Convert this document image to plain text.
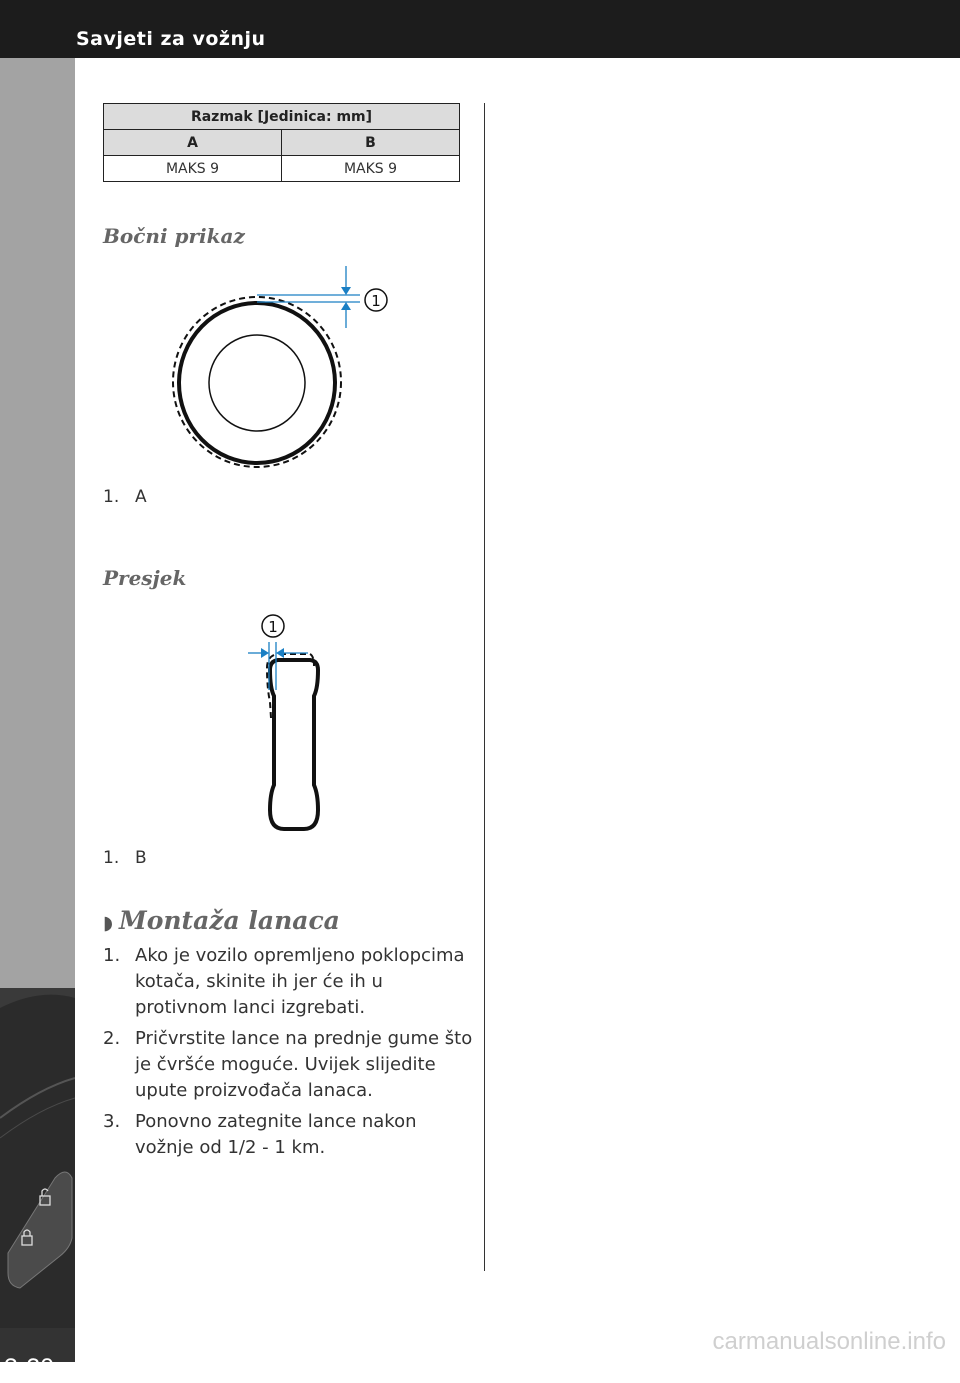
Savjeti za vožnju
3-20
Razmak [Jedinica: mm]	
A	B
MAKS 9	MAKS 9
Bočni prikaz
1
1. A
Presjek
1
1. B
◗ Montaža lanaca
1. Ako je vozilo opremljeno poklopcima kotača, skinite ih jer će ih u protivnom lanci izgrebati.
2. Pričvrstite lance na prednje gume što je čvršće moguće. Uvijek slijedite upute proizvođača lanaca.
3. Ponovno zategnite lance nakon vožnje od 1/2 - 1 km.
carmanualsonline.info
